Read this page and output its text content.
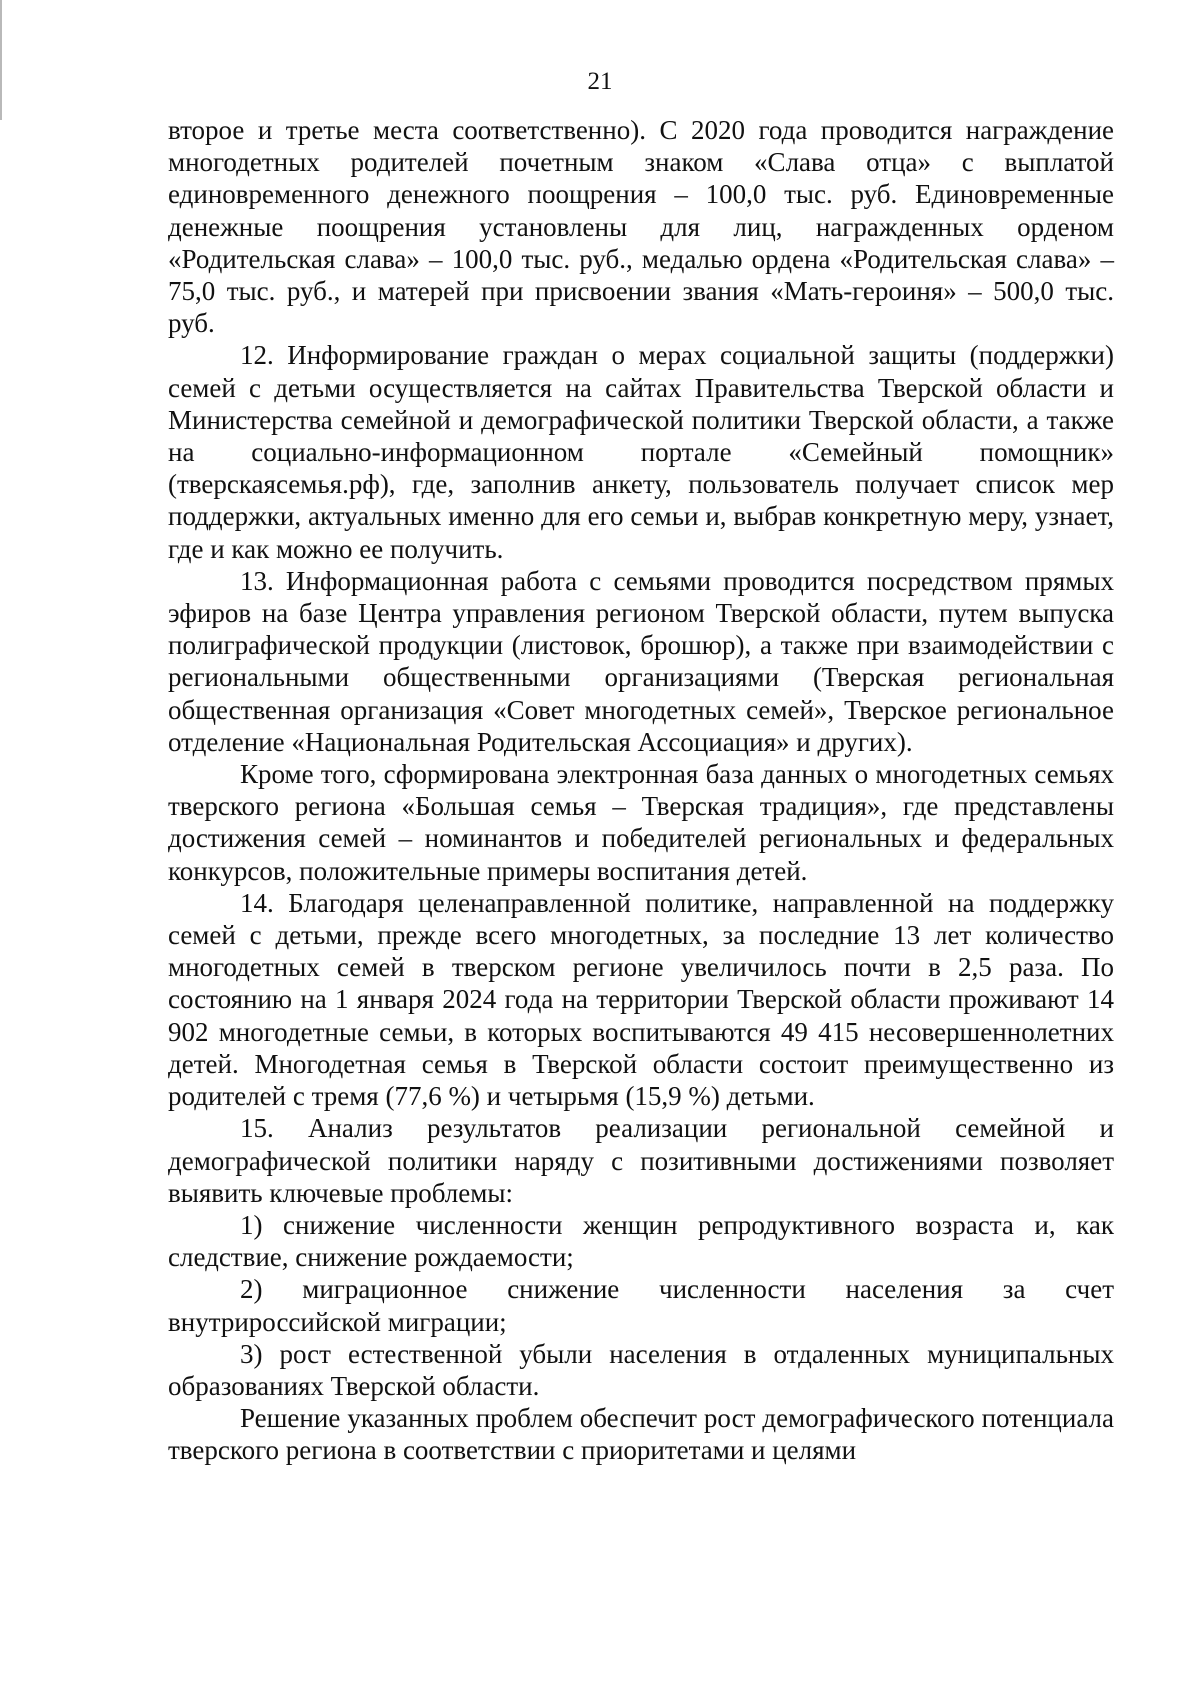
21

второе и третье места соответственно). С 2020 года проводится награждение многодетных родителей почетным знаком «Слава отца» с выплатой единовременного денежного поощрения – 100,0 тыс. руб. Единовременные денежные поощрения установлены для лиц, награжденных орденом «Родительская слава» – 100,0 тыс. руб., медалью ордена «Родительская слава» – 75,0 тыс. руб., и матерей при присвоении звания «Мать-героиня» – 500,0 тыс. руб.

12. Информирование граждан о мерах социальной защиты (поддержки) семей с детьми осуществляется на сайтах Правительства Тверской области и Министерства семейной и демографической политики Тверской области, а также на социально-информационном портале «Семейный помощник» (тверскаясемья.рф), где, заполнив анкету, пользователь получает список мер поддержки, актуальных именно для его семьи и, выбрав конкретную меру, узнает, где и как можно ее получить.

13. Информационная работа с семьями проводится посредством прямых эфиров на базе Центра управления регионом Тверской области, путем выпуска полиграфической продукции (листовок, брошюр), а также при взаимодействии с региональными общественными организациями (Тверская региональная общественная организация «Совет многодетных семей», Тверское региональное отделение «Национальная Родительская Ассоциация» и других).

Кроме того, сформирована электронная база данных о многодетных семьях тверского региона «Большая семья – Тверская традиция», где представлены достижения семей – номинантов и победителей региональных и федеральных конкурсов, положительные примеры воспитания детей.

14. Благодаря целенаправленной политике, направленной на поддержку семей с детьми, прежде всего многодетных, за последние 13 лет количество многодетных семей в тверском регионе увеличилось почти в 2,5 раза. По состоянию на 1 января 2024 года на территории Тверской области проживают 14 902 многодетные семьи, в которых воспитываются 49 415 несовершеннолетних детей. Многодетная семья в Тверской области состоит преимущественно из родителей с тремя (77,6 %) и четырьмя (15,9 %) детьми.

15. Анализ результатов реализации региональной семейной и демографической политики наряду с позитивными достижениями позволяет выявить ключевые проблемы:

1) снижение численности женщин репродуктивного возраста и, как следствие, снижение рождаемости;

2) миграционное снижение численности населения за счет внутрироссийской миграции;

3) рост естественной убыли населения в отдаленных муниципальных образованиях Тверской области.

Решение указанных проблем обеспечит рост демографического потенциала тверского региона в соответствии с приоритетами и целями
